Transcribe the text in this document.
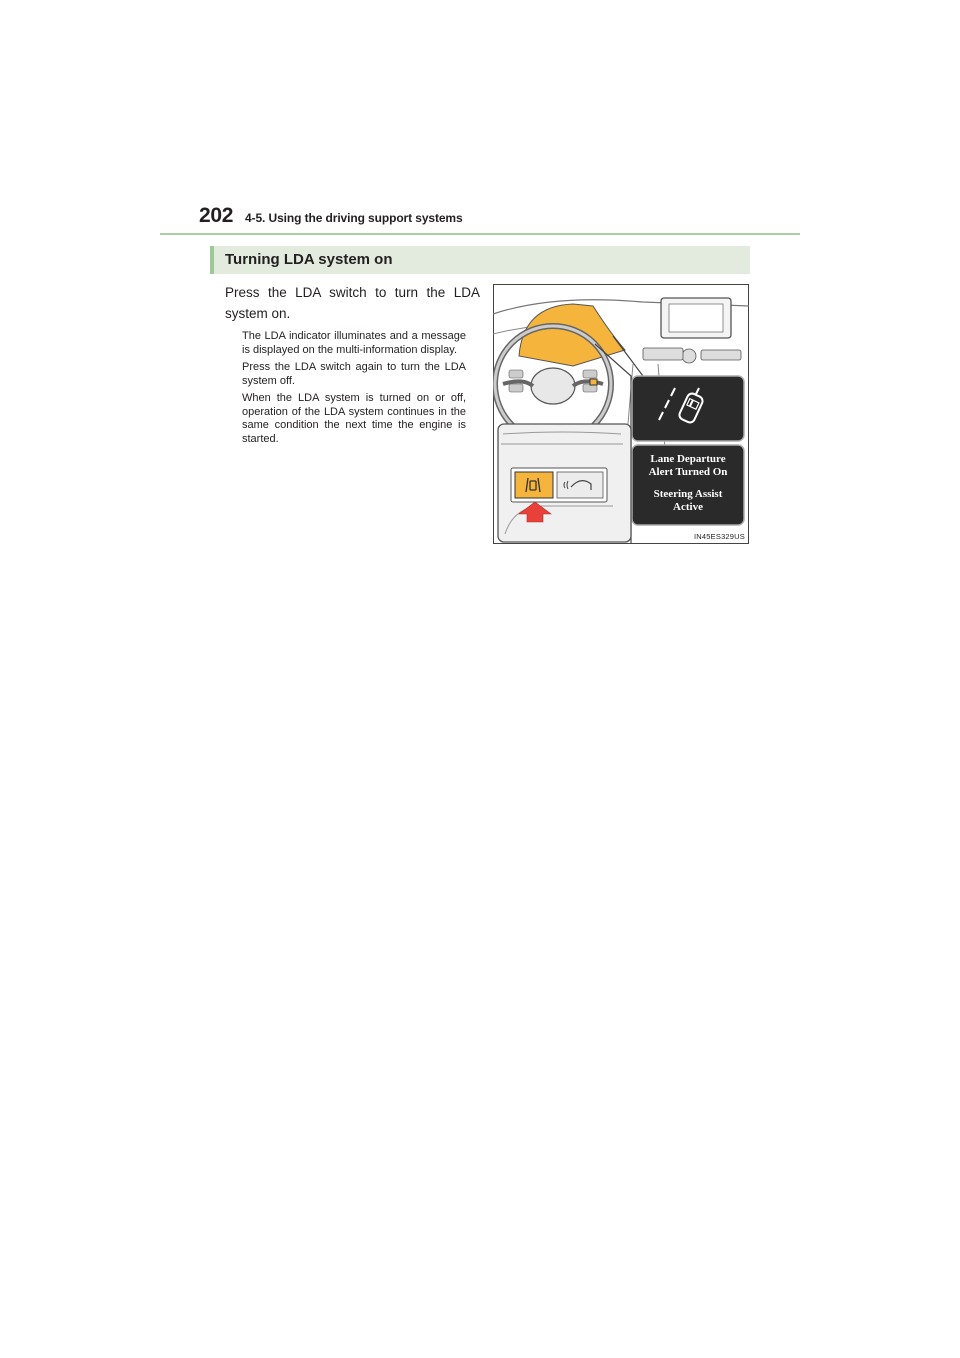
202 4-5. Using the driving support systems
Turning LDA system on
Press the LDA switch to turn the LDA system on.

The LDA indicator illuminates and a message is displayed on the multi-information display.

Press the LDA switch again to turn the LDA system off.

When the LDA system is turned on or off, operation of the LDA system continues in the same condition the next time the engine is started.

Lane Departure
Alert Turned On
Steering Assist
Active
IN45ES329US
